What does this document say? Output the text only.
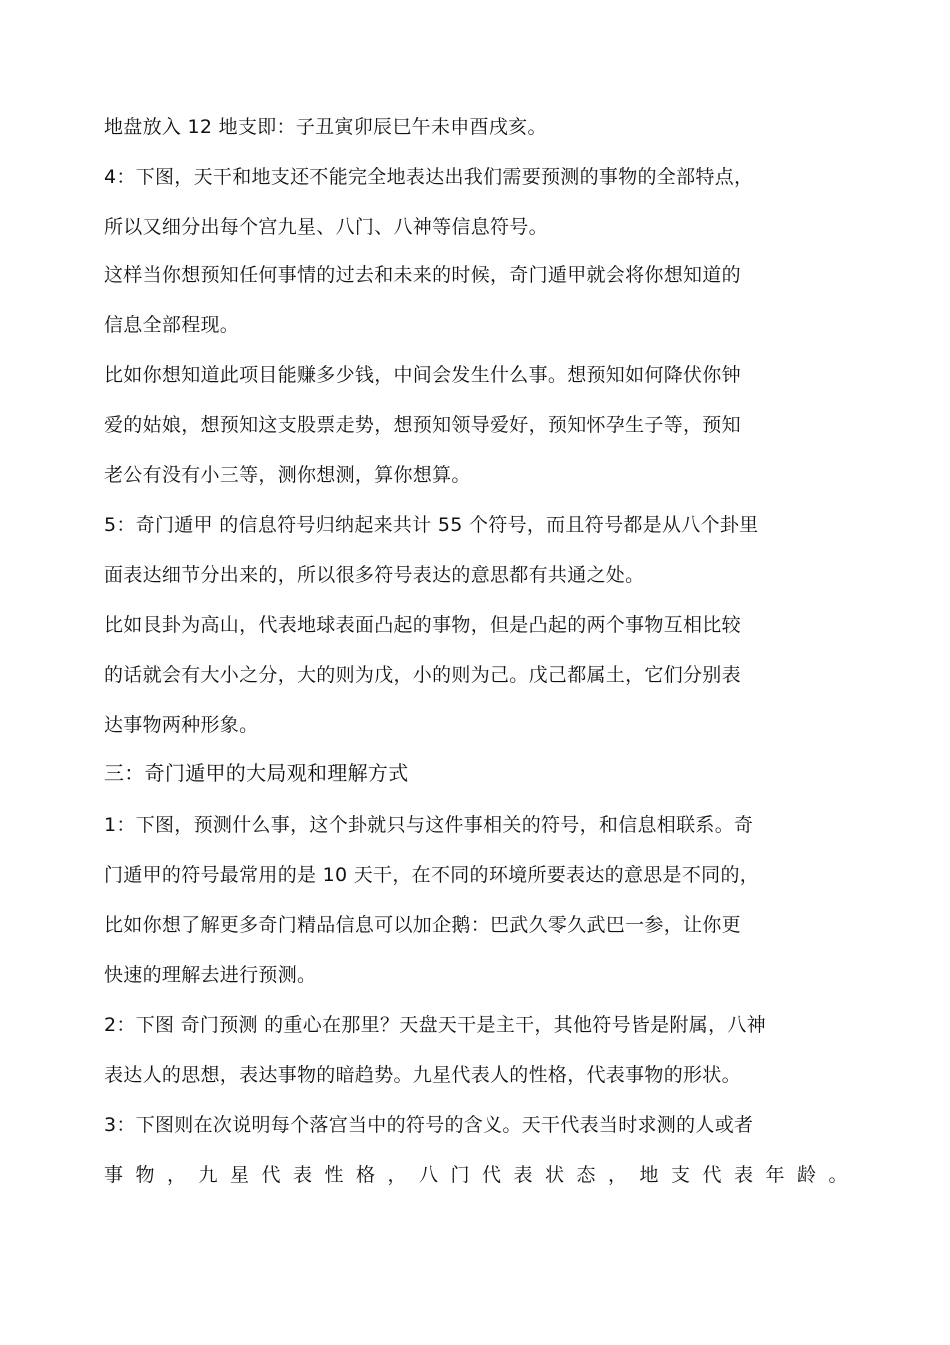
地盘放入 12 地支即：子丑寅卯辰巳午未申酉戌亥。
4：下图，天干和地支还不能完全地表达出我们需要预测的事物的全部特点，
所以又细分出每个宫九星、八门、八神等信息符号。
这样当你想预知任何事情的过去和未来的时候，奇门遁甲就会将你想知道的
信息全部程现。
比如你想知道此项目能赚多少钱，中间会发生什么事。想预知如何降伏你钟
爱的姑娘，想预知这支股票走势，想预知领导爱好，预知怀孕生子等，预知
老公有没有小三等，测你想测，算你想算。
5：奇门遁甲 的信息符号归纳起来共计 55 个符号，而且符号都是从八个卦里
面表达细节分出来的，所以很多符号表达的意思都有共通之处。
比如艮卦为高山，代表地球表面凸起的事物，但是凸起的两个事物互相比较
的话就会有大小之分，大的则为戊，小的则为己。戊己都属土，它们分别表
达事物两种形象。
三：奇门遁甲的大局观和理解方式
1：下图，预测什么事，这个卦就只与这件事相关的符号，和信息相联系。奇
门遁甲的符号最常用的是 10 天干，在不同的环境所要表达的意思是不同的，
比如你想了解更多奇门精品信息可以加企鹅：巴武久零久武巴一参，让你更
快速的理解去进行预测。
2：下图 奇门预测 的重心在那里？天盘天干是主干，其他符号皆是附属，八神
表达人的思想，表达事物的暗趋势。九星代表人的性格，代表事物的形状。
3：下图则在次说明每个落宫当中的符号的含义。天干代表当时求测的人或者
事物，九星代表性格，八门代表状态，地支代表年龄。
